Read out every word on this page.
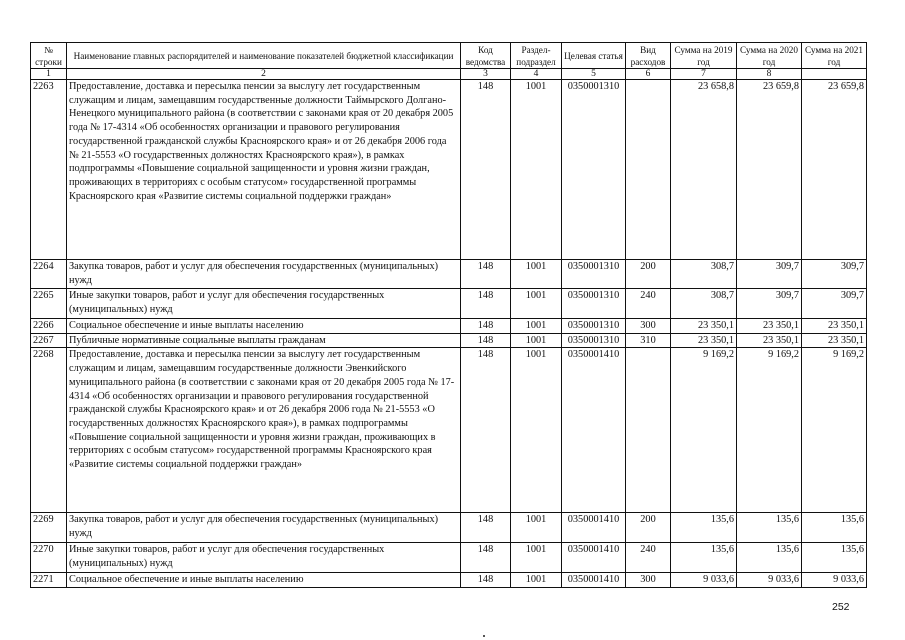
№ строки	Наименование главных распорядителей и наименование показателей бюджетной классификации	Код ведомства	Раздел-подраздел	Целевая статья	Вид расходов	Сумма на 2019 год	Сумма на 2020 год	Сумма на 2021 год
1	2	3	4	5	6	7	8	
2263	Предоставление, доставка и пересылка пенсии за выслугу лет государственным служащим и лицам, замещавшим государственные должности Таймырского Долгано-Ненецкого муниципального района (в соответствии с законами края от 20 декабря 2005 года № 17-4314 «Об особенностях организации и правового регулирования государственной гражданской службы Красноярского края» и от 26 декабря 2006 года № 21-5553 «О государственных должностях Красноярского края»), в рамках подпрограммы «Повышение социальной защищенности и уровня жизни граждан, проживающих в территориях с особым статусом» государственной программы Красноярского края «Развитие системы социальной поддержки граждан»	148	1001	0350001310		23 658,8	23 659,8	23 659,8
2264	Закупка товаров, работ и услуг для обеспечения государственных (муниципальных) нужд	148	1001	0350001310	200	308,7	309,7	309,7
2265	Иные закупки товаров, работ и услуг для обеспечения государственных (муниципальных) нужд	148	1001	0350001310	240	308,7	309,7	309,7
2266	Социальное обеспечение и иные выплаты населению	148	1001	0350001310	300	23 350,1	23 350,1	23 350,1
2267	Публичные нормативные социальные выплаты гражданам	148	1001	0350001310	310	23 350,1	23 350,1	23 350,1
2268	Предоставление, доставка и пересылка пенсии за выслугу лет государственным служащим и лицам, замещавшим государственные должности Эвенкийского муниципального района (в соответствии с законами края от 20 декабря 2005 года № 17-4314 «Об особенностях организации и правового регулирования государственной гражданской службы Красноярского края» и от 26 декабря 2006 года № 21-5553 «О государственных должностях Красноярского края»), в рамках подпрограммы «Повышение социальной защищенности и уровня жизни граждан, проживающих в территориях с особым статусом» государственной программы Красноярского края «Развитие системы социальной поддержки граждан»	148	1001	0350001410		9 169,2	9 169,2	9 169,2
2269	Закупка товаров, работ и услуг для обеспечения государственных (муниципальных) нужд	148	1001	0350001410	200	135,6	135,6	135,6
2270	Иные закупки товаров, работ и услуг для обеспечения государственных (муниципальных) нужд	148	1001	0350001410	240	135,6	135,6	135,6
2271	Социальное обеспечение и иные выплаты населению	148	1001	0350001410	300	9 033,6	9 033,6	9 033,6
252
